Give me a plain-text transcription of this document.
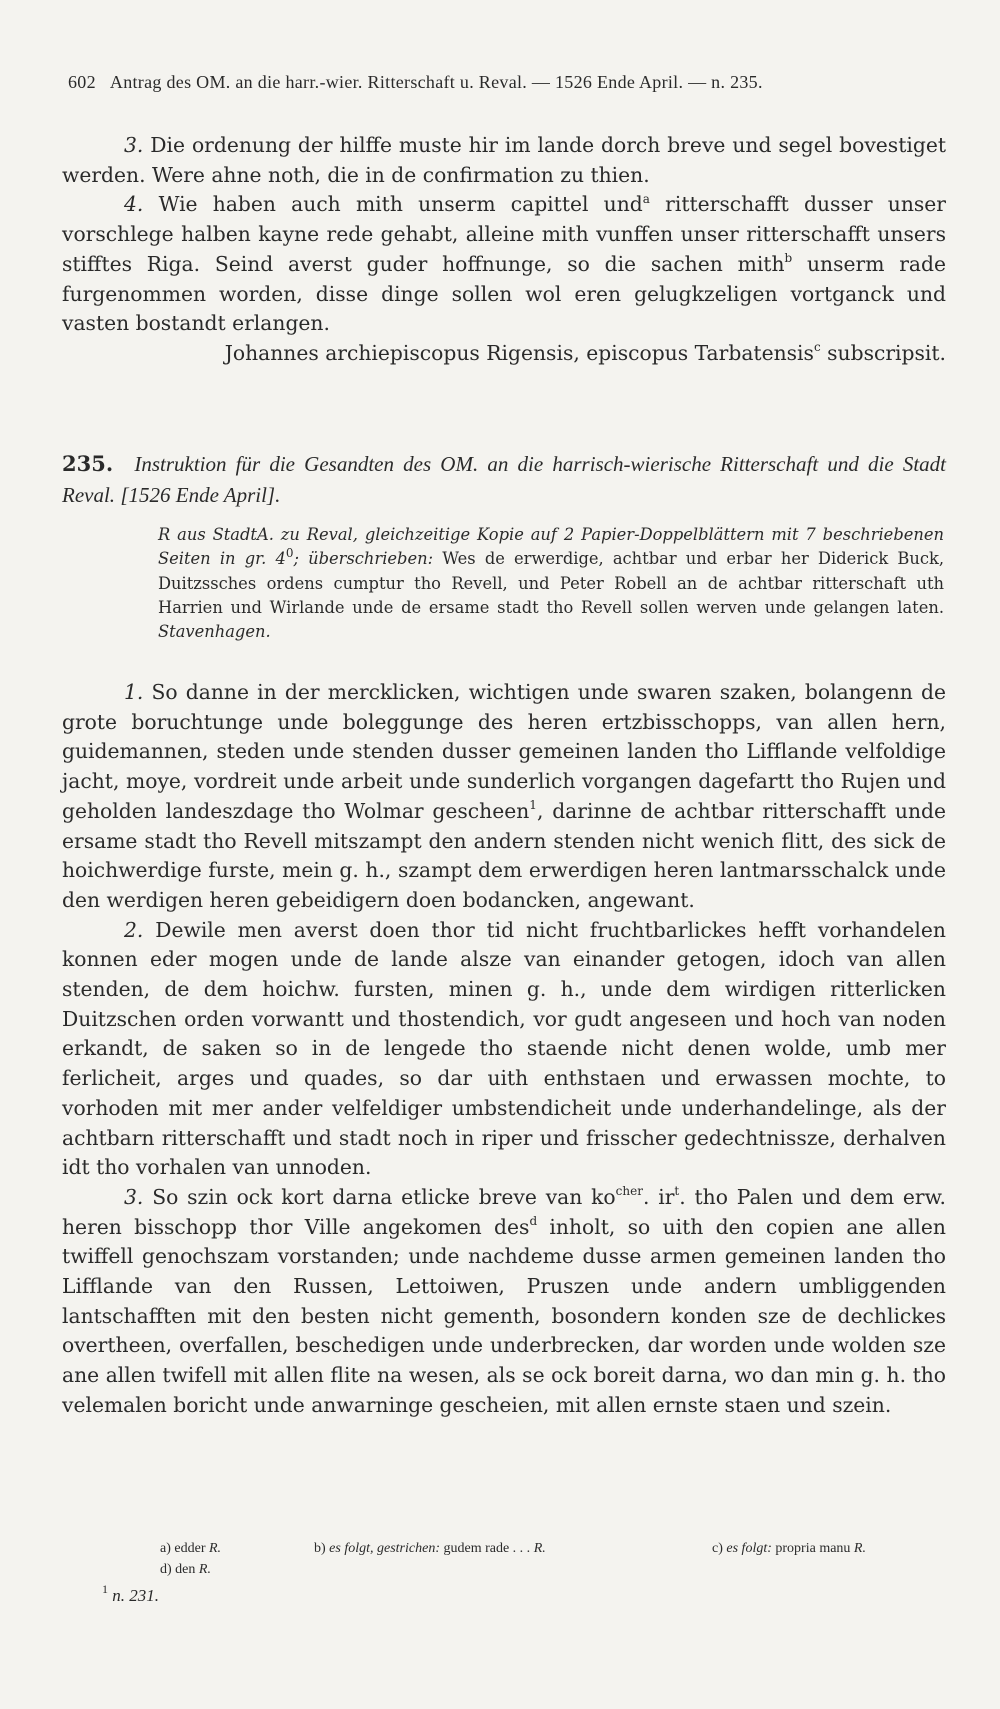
602 Antrag des OM. an die harr.-wier. Ritterschaft u. Reval. — 1526 Ende April. — n. 235.

3. Die ordenung der hilffe muste hir im lande dorch breve und segel bovestiget werden. Were ahne noth, die in de confirmation zu thien.

4. Wie haben auch mith unserm capittel und$^a$ ritterschafft dusser unser vorschlege halben kayne rede gehabt, alleine mith vunffen unser ritterschafft unsers stifftes Riga. Seind averst guder hoffnunge, so die sachen mith$^b$ unserm rade furgenommen worden, disse dinge sollen wol eren gelugkzeligen vortganck und vasten bostandt erlangen.

Johannes archiepiscopus Rigensis, episcopus Tarbatensis$^c$ subscripsit.

235. Instruktion für die Gesandten des OM. an die harrisch-wierische Ritterschaft und die Stadt Reval. [1526 Ende April].
R aus StadtA. zu Reval, gleichzeitige Kopie auf 2 Papier-Doppelblättern mit 7 beschriebenen Seiten in gr. $4^0$; überschrieben: Wes de erwerdige, achtbar und erbar her Diderick Buck, Duitzssches ordens cumptur tho Revell, und Peter Robell an de achtbar ritterschaft uth Harrien und Wirlande unde de ersame stadt tho Revell sollen werven unde gelangen laten. Stavenhagen.

1. So danne in der mercklicken, wichtigen unde swaren szaken, bolangenn de grote boruchtunge unde boleggunge des heren ertzbisschopps, van allen hern, guidemannen, steden unde stenden dusser gemeinen landen tho Lifflande velfoldige jacht, moye, vordreit unde arbeit unde sunderlich vorgangen dagefartt tho Rujen und geholden landeszdage tho Wolmar gescheen$^1$, darinne de achtbar ritterschafft unde ersame stadt tho Revell mitszampt den andern stenden nicht wenich flitt, des sick de hoichwerdige furste, mein g. h., szampt dem erwerdigen heren lantmarsschalck unde den werdigen heren gebeidigern doen bodancken, angewant.

2. Dewile men averst doen thor tid nicht fruchtbarlickes hefft vorhandelen konnen eder mogen unde de lande alsze van einander getogen, idoch van allen stenden, de dem hoichw. fursten, minen g. h., unde dem wirdigen ritterlicken Duitzschen orden vorwantt und thostendich, vor gudt angeseen und hoch van noden erkandt, de saken so in de lengede tho staende nicht denen wolde, umb mer ferlicheit, arges und quades, so dar uith enthstaen und erwassen mochte, to vorhoden mit mer ander velfeldiger umbstendicheit unde underhandelinge, als der achtbarn ritterschafft und stadt noch in riper und frisscher gedechtnissze, derhalven idt tho vorhalen van unnoden.

3. So szin ock kort darna etlicke breve van $ko^{cher}$. $ir^t$. tho Palen und dem erw. heren bisschopp thor Ville angekomen des$^d$ inholt, so uith den copien ane allen twiffell genochszam vorstanden; unde nachdeme dusse armen gemeinen landen tho Lifflande van den Russen, Lettoiwen, Pruszen unde andern umbliggenden lantschafften mit den besten nicht gementh, bosondern konden sze de dechlickes overtheen, overfallen, beschedigen unde underbrecken, dar worden unde wolden sze ane allen twifell mit allen flite na wesen, als se ock boreit darna, wo dan min g. h. tho velemalen boricht unde anwarninge gescheien, mit allen ernste staen und szein.

a) edder R.	b) es folgt, gestrichen: gudem rade . . . R.	c) es folgt: propria manu R.
d) den R.
$^1$ n. 231.
